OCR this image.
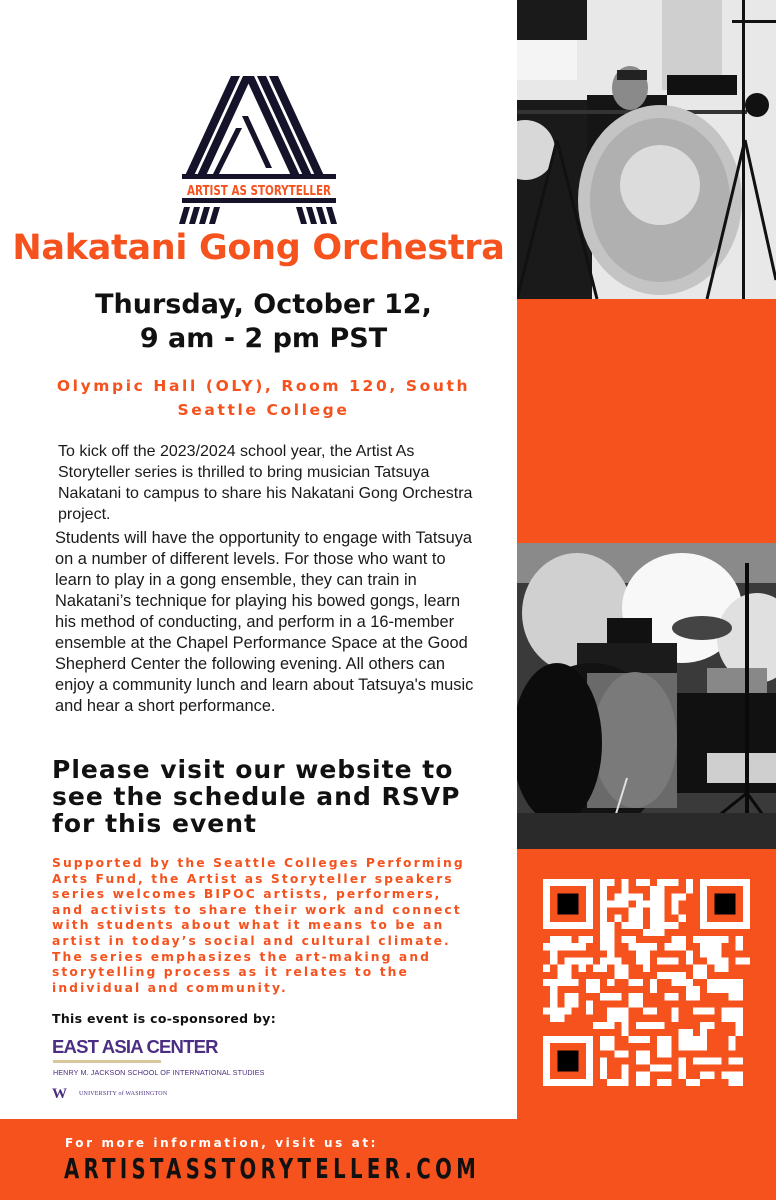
ARTIST AS STORYTELLER
Nakatani Gong Orchestra
Thursday, October 12,
9 am - 2 pm PST
Olympic Hall (OLY), Room 120, South
Seattle College

To kick off the 2023/2024 school year, the Artist As Storyteller series is thrilled to bring musician Tatsuya Nakatani to campus to share his Nakatani Gong Orchestra project.

Students will have the opportunity to engage with Tatsuya on a number of different levels. For those who want to learn to play in a gong ensemble, they can train in Nakatani’s technique for playing his bowed gongs, learn his method of conducting, and perform in a 16-member ensemble at the Chapel Performance Space at the Good Shepherd Center the following evening. All others can enjoy a community lunch and learn about Tatsuya's music and hear a short performance.

Please visit our website to see the schedule and RSVP for this event

Supported by the Seattle Colleges Performing Arts Fund, the Artist as Storyteller speakers series welcomes BIPOC artists, performers, and activists to share their work and connect with students about what it means to be an artist in today’s social and cultural climate. The series emphasizes the art-making and storytelling process as it relates to the individual and community.

This event is co-sponsored by:
EAST ASIA CENTER
HENRY M. JACKSON SCHOOL OF INTERNATIONAL STUDIES
W UNIVERSITY of WASHINGTON
For more information, visit us at:
ARTISTASSTORYTELLER.COM
